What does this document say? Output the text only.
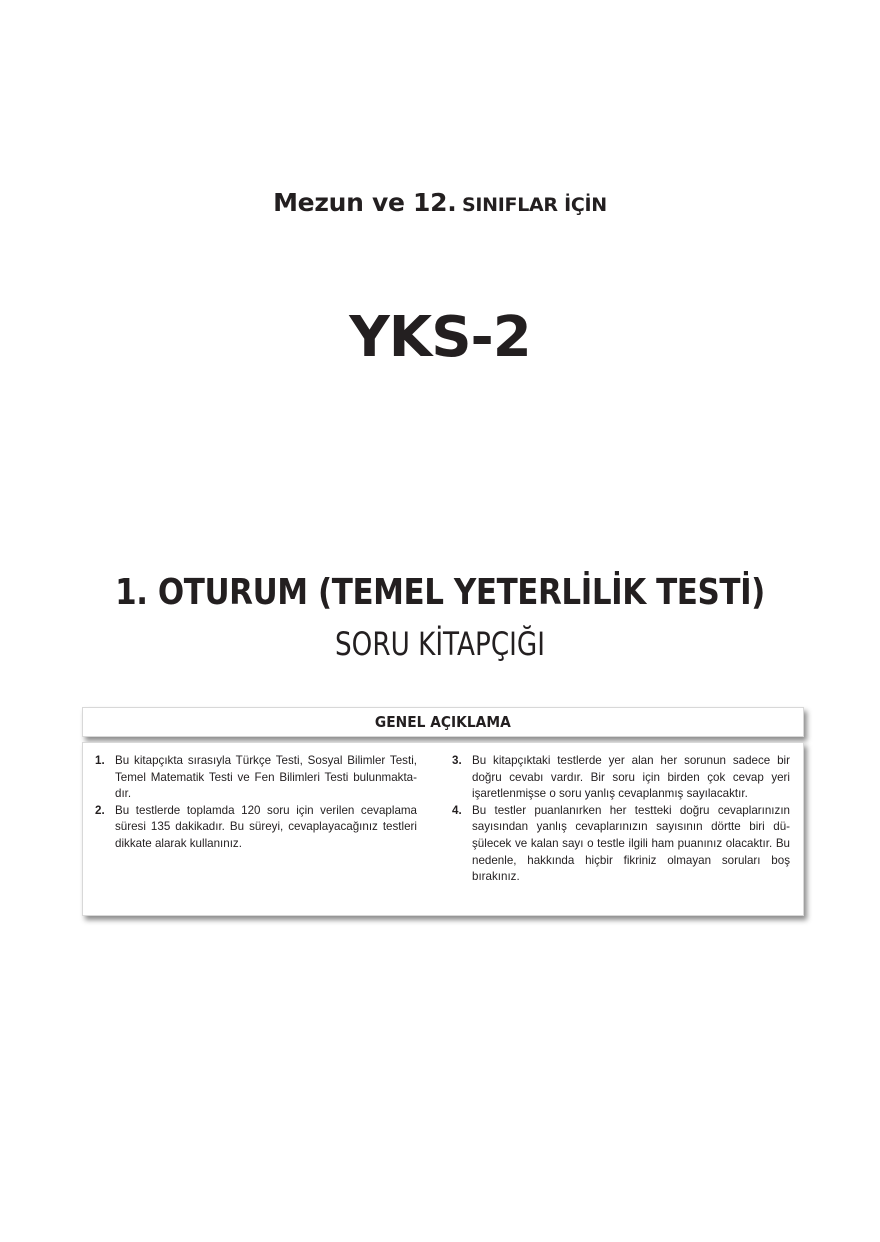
Mezun ve 12. SINIFLAR İÇİN
YKS-2
1. OTURUM (TEMEL YETERLİLİK TESTİ)
SORU KİTAPÇIĞI
GENEL AÇIKLAMA
1. Bu kitapçıkta sırasıyla Türkçe Testi, Sosyal Bilimler Testi, Temel Matematik Testi ve Fen Bilimleri Testi bulunmakta-dır.
2. Bu testlerde toplamda 120 soru için verilen cevaplama süresi 135 dakikadır. Bu süreyi, cevaplayacağınız testleri dikkate alarak kullanınız.
3. Bu kitapçıktaki testlerde yer alan her sorunun sadece bir doğru cevabı vardır. Bir soru için birden çok cevap yeri işaretlenmişse o soru yanlış cevaplanmış sayılacaktır.
4. Bu testler puanlanırken her testteki doğru cevaplarınızın sayısından yanlış cevaplarınızın sayısının dörtte biri dü-şülecek ve kalan sayı o testle ilgili ham puanınız olacaktır. Bu nedenle, hakkında hiçbir fikriniz olmayan soruları boş bırakınız.
